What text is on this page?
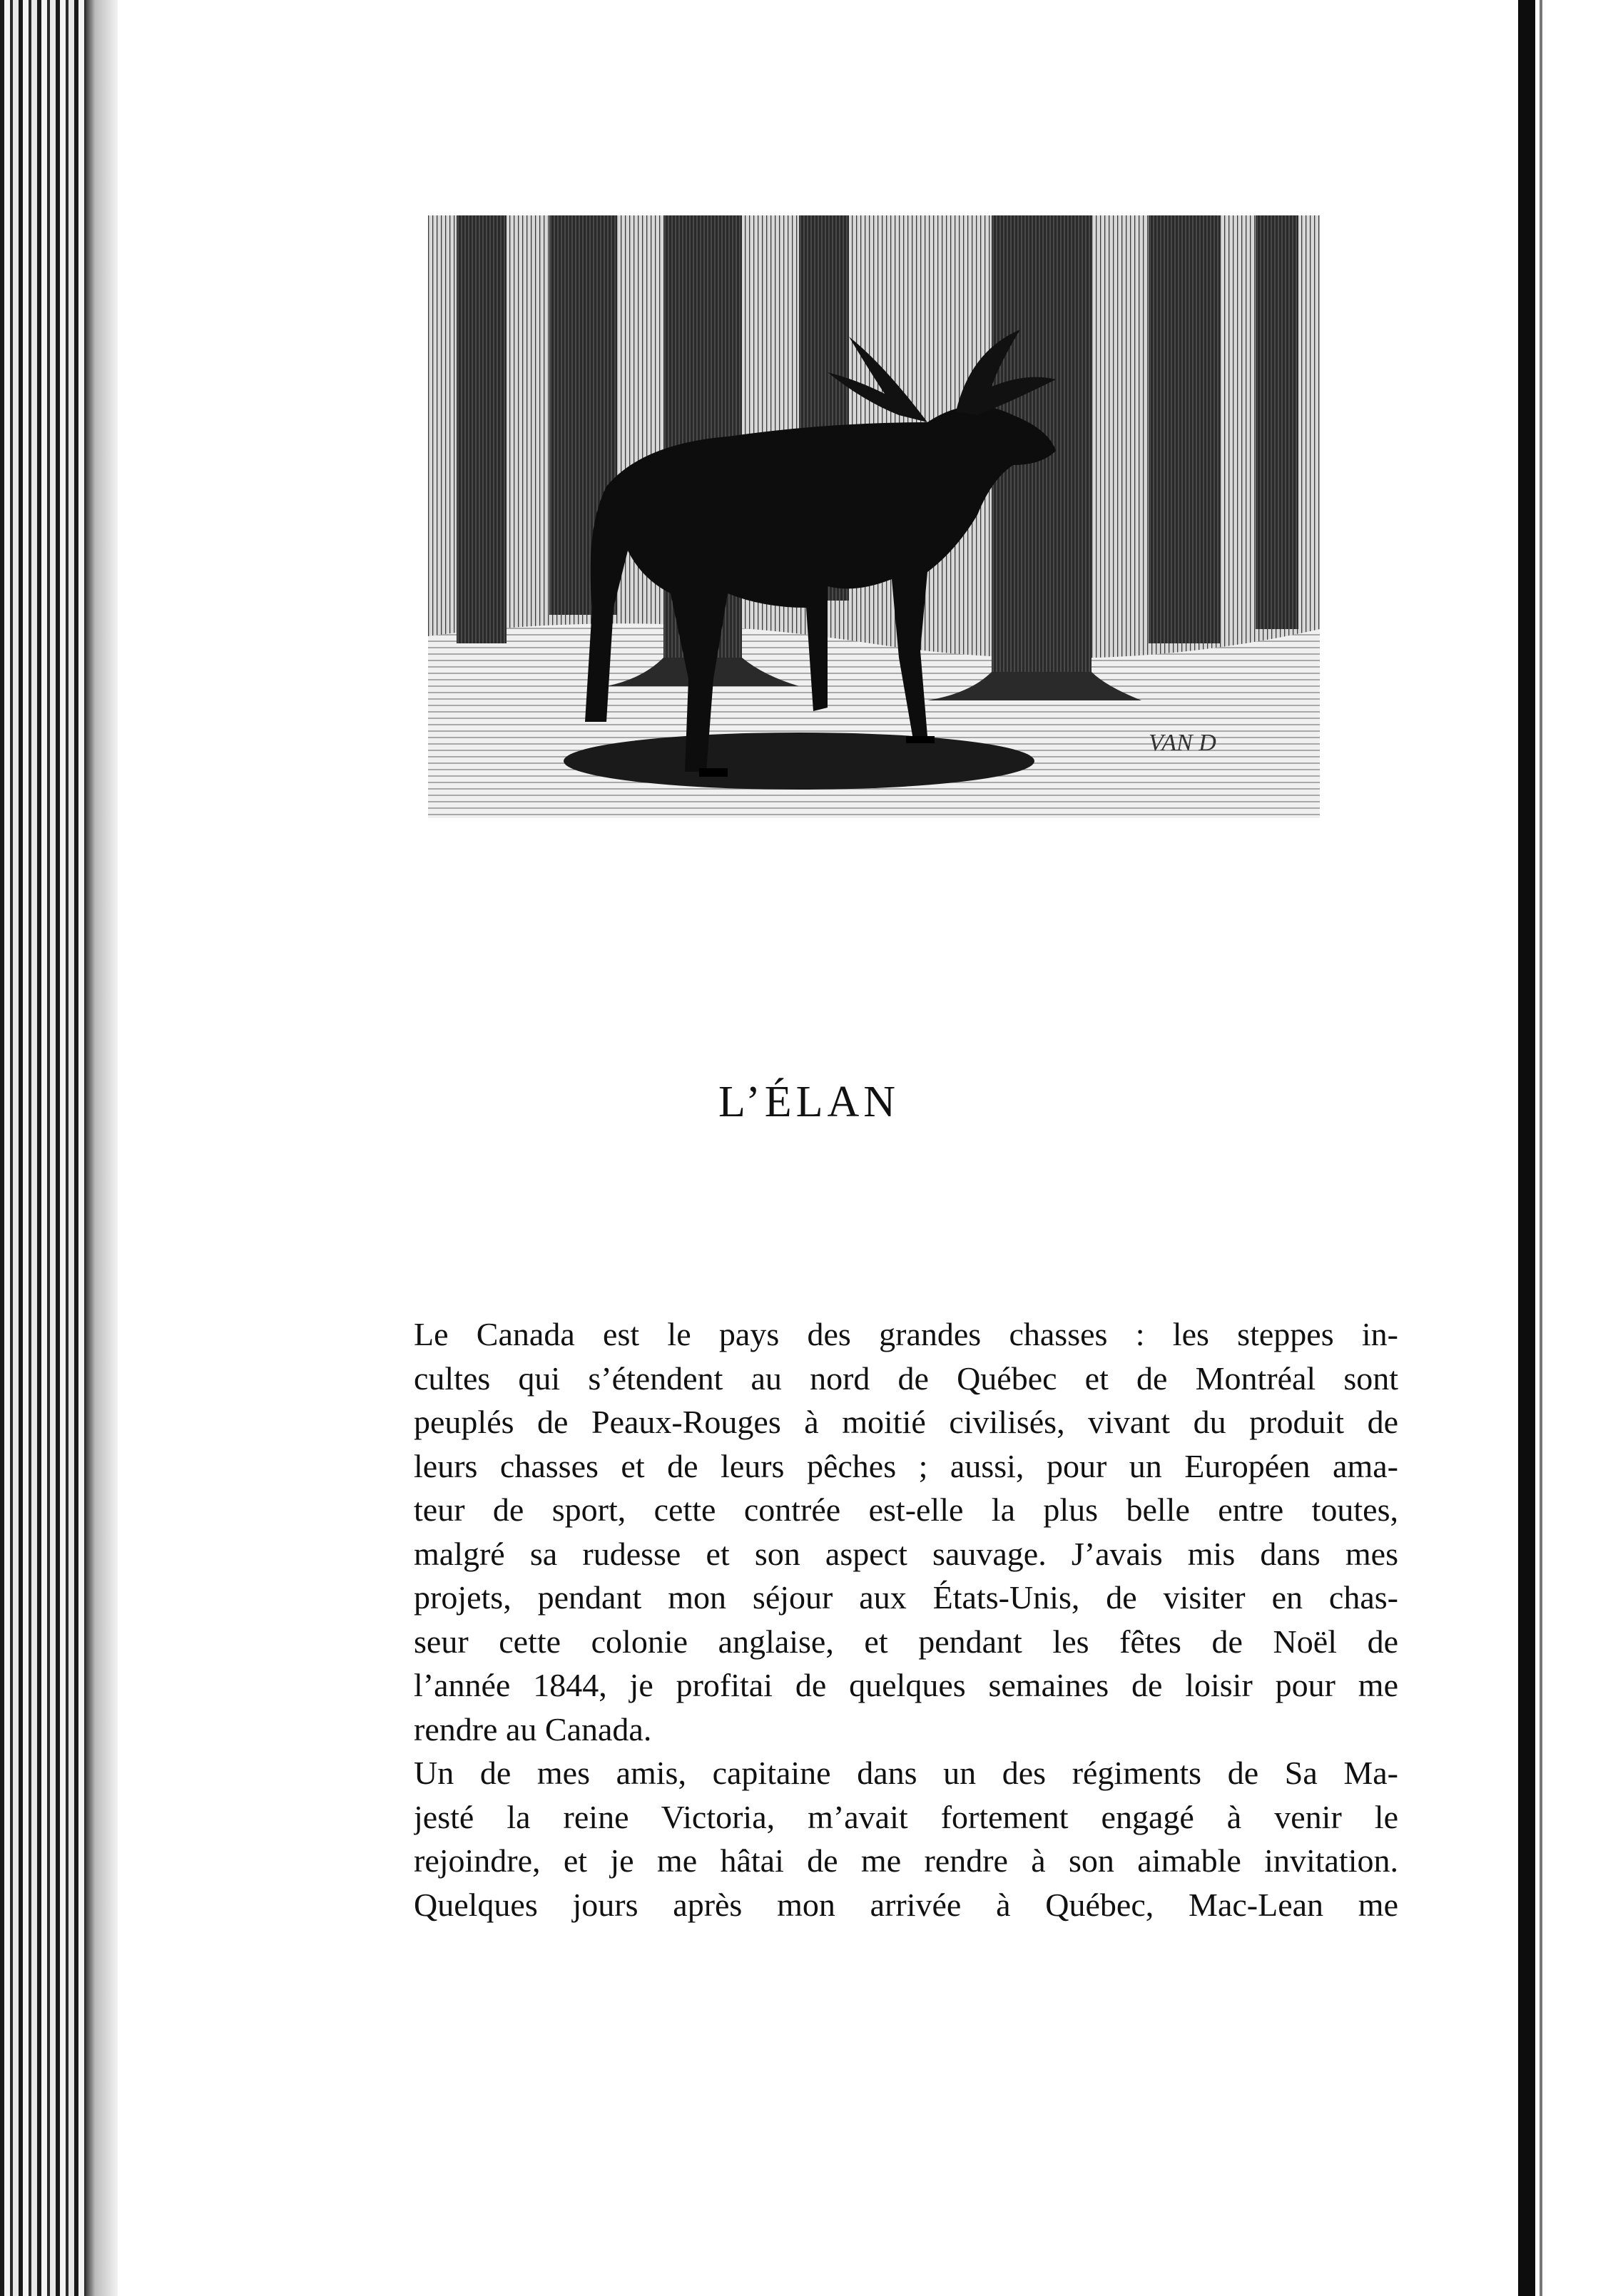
VAN D
L’ÉLAN
Le Canada est le pays des grandes chasses : les steppes in-
cultes qui s’étendent au nord de Québec et de Montréal sont
peuplés de Peaux-Rouges à moitié civilisés, vivant du produit de
leurs chasses et de leurs pêches ; aussi, pour un Européen ama-
teur de sport, cette contrée est-elle la plus belle entre toutes,
malgré sa rudesse et son aspect sauvage. J’avais mis dans mes
projets, pendant mon séjour aux États-Unis, de visiter en chas-
seur cette colonie anglaise, et pendant les fêtes de Noël de
l’année 1844, je profitai de quelques semaines de loisir pour me
rendre au Canada.
Un de mes amis, capitaine dans un des régiments de Sa Ma-
jesté la reine Victoria, m’avait fortement engagé à venir le
rejoindre, et je me hâtai de me rendre à son aimable invitation.
Quelques jours après mon arrivée à Québec, Mac-Lean me
